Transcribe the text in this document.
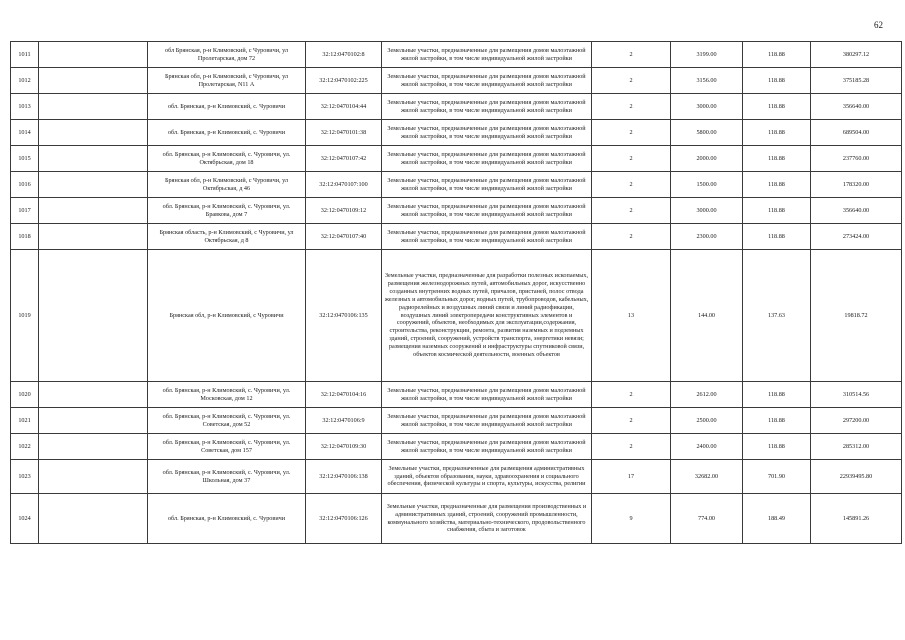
62
1011		обл Брянская, р-н Климовский, с Чуровичи, ул Пролетарская, дом 72	32:12:0470102:8	Земельные участки, предназначенные для размещения домов малоэтажной жилой застройки, в том числе индивидуальной жилой застройки	2	3199.00	118.88	380297.12
1012		Брянская обл, р-н Климовский, с Чуровичи, ул Пролетарская, N11 А	32:12:0470102:225	Земельные участки, предназначенные для размещения домов малоэтажной жилой застройки, в том числе индивидуальной жилой застройки	2	3156.00	118.88	375185.28
1013		обл. Брянская, р-н Климовский, с. Чуровичи	32:12:0470104:44	Земельные участки, предназначенные для размещения домов малоэтажной жилой застройки, в том числе индивидуальной жилой застройки	2	3000.00	118.88	356640.00
1014		обл. Брянская, р-н Климовский, с. Чуровичи	32:12:0470101:38	Земельные участки, предназначенные для размещения домов малоэтажной жилой застройки, в том числе индивидуальной жилой застройки	2	5800.00	118.88	689504.00
1015		обл. Брянская, р-н Климовский, с. Чуровичи, ул. Октябрьская, дом 18	32:12:0470107:42	Земельные участки, предназначенные для размещения домов малоэтажной жилой застройки, в том числе индивидуальной жилой застройки	2	2000.00	118.88	237760.00
1016		Брянская обл, р-н Климовский, с Чуровичи, ул Октябрьская, д 46	32:12:0470107:100	Земельные участки, предназначенные для размещения домов малоэтажной жилой застройки, в том числе индивидуальной жилой застройки	2	1500.00	118.88	178320.00
1017		обл. Брянская, р-н Климовский, с. Чуровичи, ул. Бравкова, дом 7	32:12:0470109:12	Земельные участки, предназначенные для размещения домов малоэтажной жилой застройки, в том числе индивидуальной жилой застройки	2	3000.00	118.88	356640.00
1018		Брянская область, р-н Климовский, с Чуровичи, ул Октябрьская, д 8	32:12:0470107:40	Земельные участки, предназначенные для размещения домов малоэтажной жилой застройки, в том числе индивидуальной жилой застройки	2	2300.00	118.88	273424.00
1019		Брянская обл, р-н Климовский, с Чуровичи	32:12:0470106:135	Земельные участки, предназначенные для разработки полезных ископаемых, размещения железнодорожных путей, автомобильных дорог, искусственно созданных внутренних водных путей, причалов, пристаней, полос отвода железных и автомобильных дорог, водных путей, трубопроводов, кабельных, радиорелейных и воздушных линий связи и линий радиофикации, воздушных линий электропередачи конструктивных элементов и сооружений, объектов, необходимых для эксплуатации,содержания, строительства, реконструкции, ремонта, развития наземных и подземных зданий, строений, сооружений, устройств транспорта, энергетики невязи; размещения наземных сооружений и инфраструктуры спутниковой связи, объектов космической деятельности, военных объектов	13	144.00	137.63	19818.72
1020		обл. Брянская, р-н Климовский, с. Чуровичи, ул. Московская, дом 12	32:12:0470104:16	Земельные участки, предназначенные для размещения домов малоэтажной жилой застройки, в том числе индивидуальной жилой застройки	2	2612.00	118.88	310514.56
1021		обл. Брянская, р-н Климовский, с. Чуровичи, ул. Советская, дом 52	32:12:0470106:9	Земельные участки, предназначенные для размещения домов малоэтажной жилой застройки, в том числе индивидуальной жилой застройки	2	2500.00	118.88	297200.00
1022		обл. Брянская, р-н Климовский, с. Чуровичи, ул. Советская, дом 157	32:12:0470109:30	Земельные участки, предназначенные для размещения домов малоэтажной жилой застройки, в том числе индивидуальной жилой застройки	2	2400.00	118.88	285312.00
1023		обл. Брянская, р-н Климовский, с. Чуровичи, ул. Школьная, дом 37	32:12:0470106:138	Земельные участки, предназначенные для размещения административных зданий, объектов образования, науки, здравоохранения и социального обеспечения, физической культуры и спорта, культуры, искусства, религии	17	32682.00	701.90	22939495.80
1024		обл. Брянская, р-н Климовский, с. Чуровичи	32:12:0470106:126	Земельные участки, предназначенные для размещения производственных и административных зданий, строений, сооружений промышленности, коммунального хозяйства, материально-технического, продовольственного снабжения, сбыта и заготовок	9	774.00	188.49	145891.26
